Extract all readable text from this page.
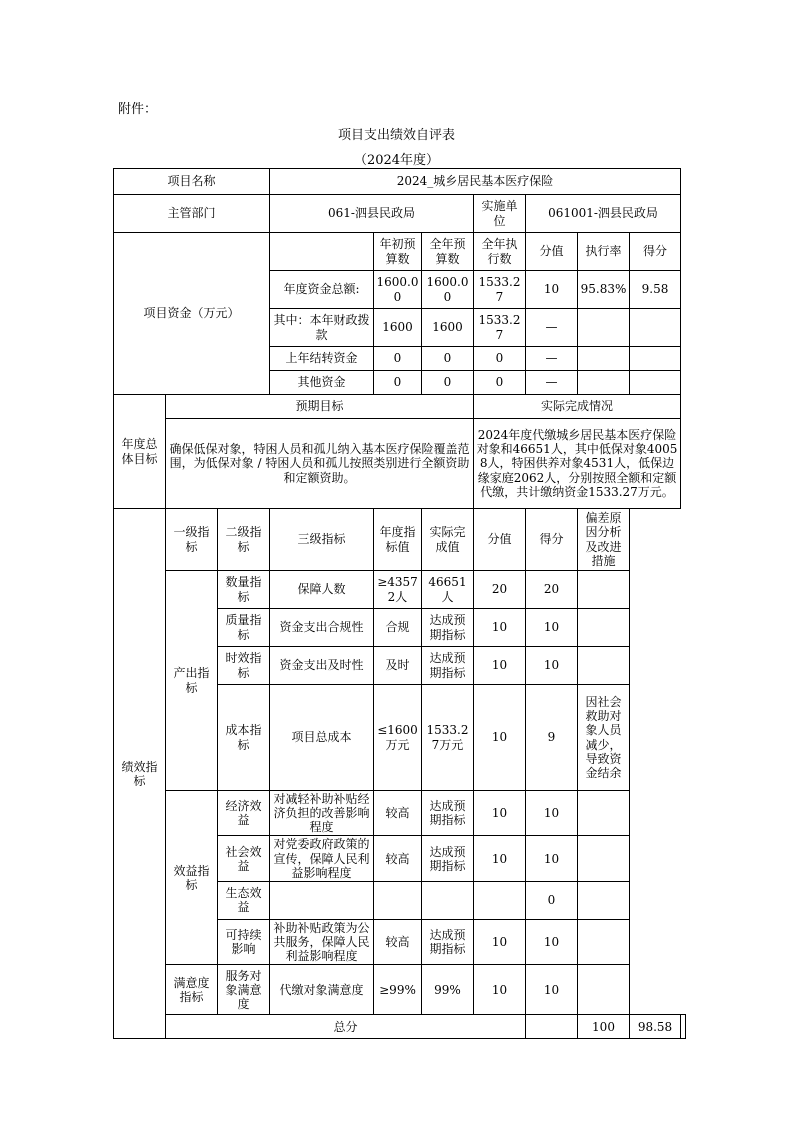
附件：
项目支出绩效自评表
（2024年度）
项目名称			2024_城乡居民基本医疗保险							
主管部门			061-泗县民政局			实施单位	061001-泗县民政局			
项目资金（万元）				年初预算数	全年预算数	全年执行数	分值	执行率	得分	
			年度资金总额:	1600.00	1600.00	1533.27	10	95.83%	9.58	
			其中：本年财政拨款	1600	1600	1533.27	—			
			上年结转资金	0	0	0	—			
			其他资金	0	0	0	—			
年度总体目标	预期目标					实际完成情况				
	确保低保对象，特困人员和孤儿纳入基本医疗保险覆盖范围，为低保对象 / 特困人员和孤儿按照类别进行全额资助和定额资助。					2024年度代缴城乡居民基本医疗保险对象和46651人，其中低保对象40058人，特困供养对象4531人，低保边缘家庭2062人，分别按照全额和定额代缴，共计缴纳资金1533.27万元。				
绩效指标	一级指标	二级指标	三级指标	年度指标值	实际完成值	分值	得分	偏差原因分析及改进措施		
	产出指标	数量指标	保障人数	≥43572人	46651人	20	20			
		质量指标	资金支出合规性	合规	达成预期指标	10	10			
		时效指标	资金支出及时性	及时	达成预期指标	10	10			
		成本指标	项目总成本	≤1600万元	1533.27万元	10	9	因社会救助对象人员减少，导致资金结余		
	效益指标	经济效益	对减轻补助补贴经济负担的改善影响程度	较高	达成预期指标	10	10			
		社会效益	对党委政府政策的宣传，保障人民利益影响程度	较高	达成预期指标	10	10			
		生态效益					0			
		可持续影响	补助补贴政策为公共服务，保障人民利益影响程度	较高	达成预期指标	10	10			
	满意度指标	服务对象满意度	代缴对象满意度	≥99%	99%	10	10			
	总分							100	98.58	
